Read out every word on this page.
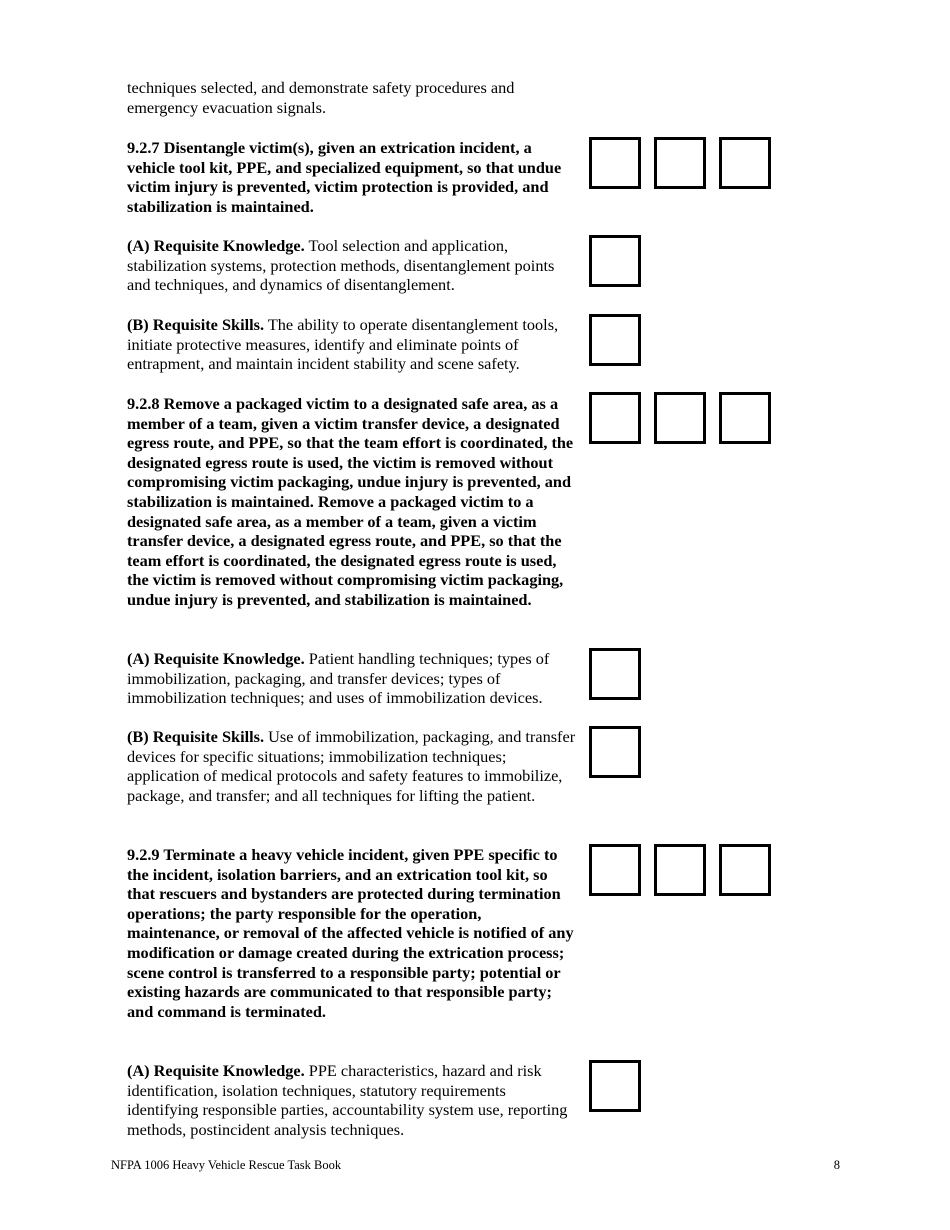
techniques selected, and demonstrate safety procedures and emergency evacuation signals.

9.2.7 Disentangle victim(s), given an extrication incident, a vehicle tool kit, PPE, and specialized equipment, so that undue victim injury is prevented, victim protection is provided, and stabilization is maintained.

(A) Requisite Knowledge. Tool selection and application, stabilization systems, protection methods, disentanglement points and techniques, and dynamics of disentanglement.

(B) Requisite Skills. The ability to operate disentanglement tools, initiate protective measures, identify and eliminate points of entrapment, and maintain incident stability and scene safety.

9.2.8 Remove a packaged victim to a designated safe area, as a member of a team, given a victim transfer device, a designated egress route, and PPE, so that the team effort is coordinated, the designated egress route is used, the victim is removed without compromising victim packaging, undue injury is prevented, and stabilization is maintained. Remove a packaged victim to a designated safe area, as a member of a team, given a victim transfer device, a designated egress route, and PPE, so that the team effort is coordinated, the designated egress route is used, the victim is removed without compromising victim packaging, undue injury is prevented, and stabilization is maintained.

(A) Requisite Knowledge. Patient handling techniques; types of immobilization, packaging, and transfer devices; types of immobilization techniques; and uses of immobilization devices.

(B) Requisite Skills. Use of immobilization, packaging, and transfer devices for specific situations; immobilization techniques; application of medical protocols and safety features to immobilize, package, and transfer; and all techniques for lifting the patient.

9.2.9 Terminate a heavy vehicle incident, given PPE specific to the incident, isolation barriers, and an extrication tool kit, so that rescuers and bystanders are protected during termination operations; the party responsible for the operation, maintenance, or removal of the affected vehicle is notified of any modification or damage created during the extrication process; scene control is transferred to a responsible party; potential or existing hazards are communicated to that responsible party; and command is terminated.

(A) Requisite Knowledge. PPE characteristics, hazard and risk identification, isolation techniques, statutory requirements identifying responsible parties, accountability system use, reporting methods, postincident analysis techniques.

NFPA 1006 Heavy Vehicle Rescue Task Book	8
